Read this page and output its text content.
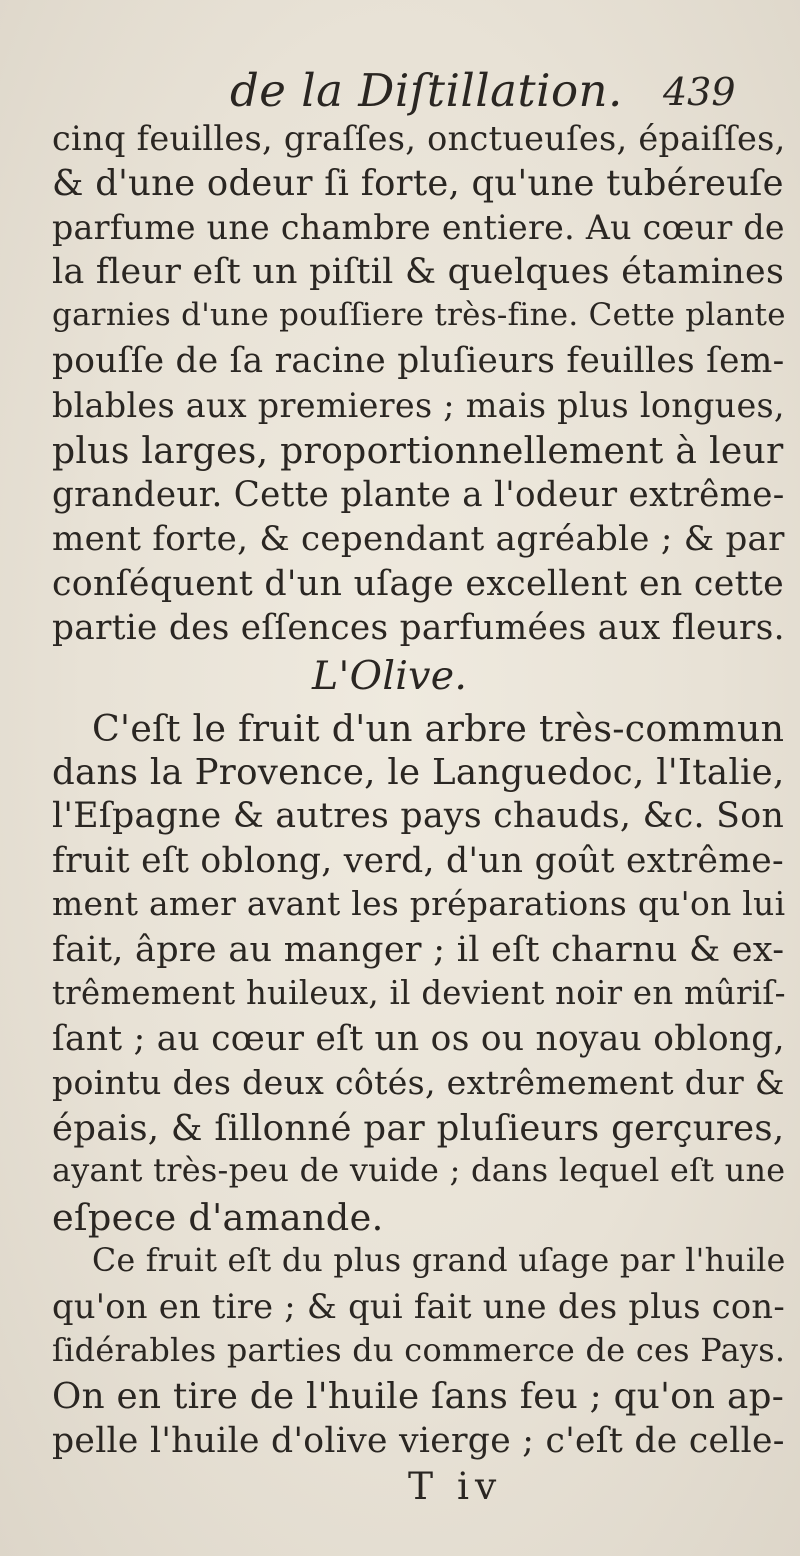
de la Diſtillation. 439
cinq feuilles, graſſes, onctueuſes, épaiſſes,
& d'une odeur ſi forte, qu'une tubéreuſe
parfume une chambre entiere. Au cœur de
la fleur eſt un piſtil & quelques étamines
garnies d'une pouſſiere très-fine. Cette plante
pouſſe de ſa racine pluſieurs feuilles ſem-
blables aux premieres ; mais plus longues,
plus larges, proportionnellement à leur
grandeur. Cette plante a l'odeur extrême-
ment forte, & cependant agréable ; & par
conſéquent d'un uſage excellent en cette
partie des eſſences parfumées aux fleurs.
L'Olive.
C'eſt le fruit d'un arbre très-commun
dans la Provence, le Languedoc, l'Italie,
l'Eſpagne & autres pays chauds, &c. Son
fruit eſt oblong, verd, d'un goût extrême-
ment amer avant les préparations qu'on lui
fait, âpre au manger ; il eſt charnu & ex-
trêmement huileux, il devient noir en mûriſ-
ſant ; au cœur eſt un os ou noyau oblong,
pointu des deux côtés, extrêmement dur &
épais, & ſillonné par pluſieurs gerçures,
ayant très-peu de vuide ; dans lequel eſt une
eſpece d'amande.
Ce fruit eſt du plus grand uſage par l'huile
qu'on en tire ; & qui fait une des plus con-
ſidérables parties du commerce de ces Pays.
On en tire de l'huile ſans feu ; qu'on ap-
pelle l'huile d'olive vierge ; c'eſt de celle-
T iv
